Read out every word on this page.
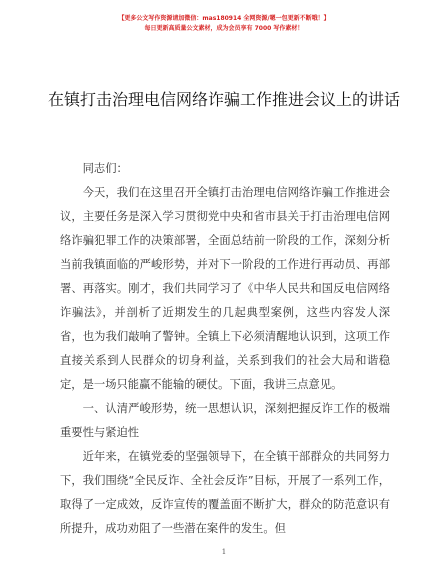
【更多公文写作资源请加微信：mas180914 全网资源/嗯一包更新不断哦！】
每日更新高质量公文素材，成为会员享有 7000 写作素材！
在镇打击治理电信网络诈骗工作推进会议上的讲话

同志们：

今天，我们在这里召开全镇打击治理电信网络诈骗工作推进会议，主要任务是深入学习贯彻党中央和省市县关于打击治理电信网络诈骗犯罪工作的决策部署，全面总结前一阶段的工作，深刻分析当前我镇面临的严峻形势，并对下一阶段的工作进行再动员、再部署、再落实。刚才，我们共同学习了《中华人民共和国反电信网络诈骗法》，并剖析了近期发生的几起典型案例，这些内容发人深省，也为我们敲响了警钟。全镇上下必须清醒地认识到，这项工作直接关系到人民群众的切身利益，关系到我们的社会大局和谐稳定，是一场只能赢不能输的硬仗。下面，我讲三点意见。

一、认清严峻形势，统一思想认识，深刻把握反诈工作的极端重要性与紧迫性

近年来，在镇党委的坚强领导下，在全镇干部群众的共同努力下，我们围绕“全民反诈、全社会反诈”目标，开展了一系列工作，取得了一定成效，反诈宣传的覆盖面不断扩大，群众的防范意识有所提升，成功劝阻了一些潜在案件的发生。但

1
